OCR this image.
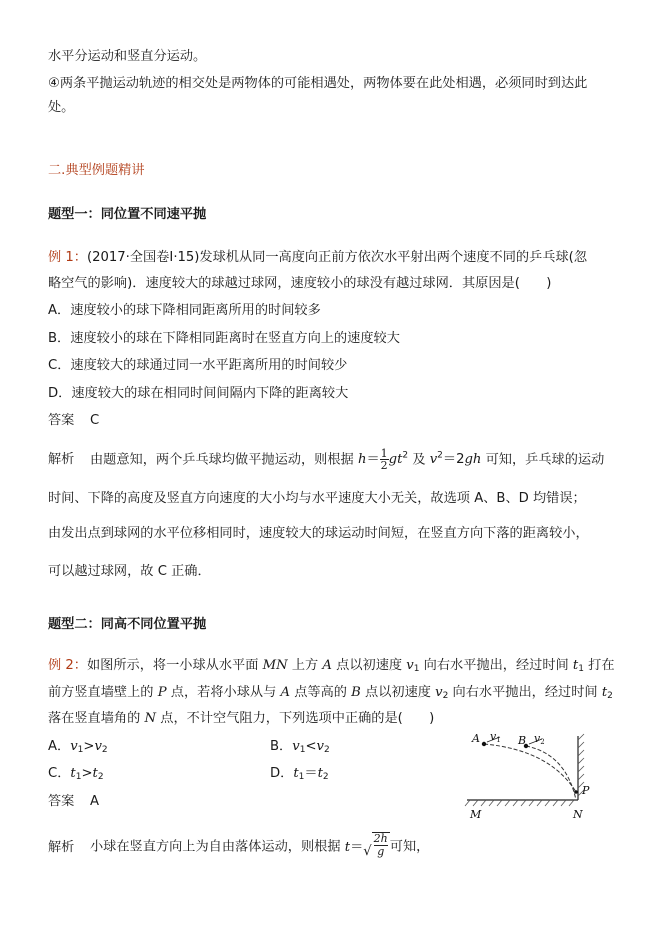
水平分运动和竖直分运动。
④两条平抛运动轨迹的相交处是两物体的可能相遇处，两物体要在此处相遇，必须同时到达此
处。
二.典型例题精讲
题型一：同位置不同速平抛
例 1：(2017·全国卷Ⅰ·15)发球机从同一高度向正前方依次水平射出两个速度不同的乒乓球(忽
略空气的影响)．速度较大的球越过球网，速度较小的球没有越过球网．其原因是(　　)
A．速度较小的球下降相同距离所用的时间较多
B．速度较小的球在下降相同距离时在竖直方向上的速度较大
C．速度较大的球通过同一水平距离所用的时间较少
D．速度较大的球在相同时间间隔内下降的距离较大
答案 C
解析 由题意知，两个乒乓球均做平抛运动，则根据 $h= \frac{1}{2} gt^2$ 及 $v^2=2gh$ 可知，乒乓球的运动
时间、下降的高度及竖直方向速度的大小均与水平速度大小无关，故选项 A、B、D 均错误；
由发出点到球网的水平位移相同时，速度较大的球运动时间短，在竖直方向下落的距离较小，
可以越过球网，故 C 正确．
题型二：同高不同位置平抛
例 2：如图所示，将一小球从水平面 MN 上方 A 点以初速度 $v_1$ 向右水平抛出，经过时间 $t_1$ 打在
前方竖直墙壁上的 P 点，若将小球从与 A 点等高的 B 点以初速度 $v_2$ 向右水平抛出，经过时间 $t_2$
落在竖直墙角的 N 点，不计空气阻力，下列选项中正确的是(　　)
A．$v_1>v_2$	B．$v_1<v_2$
C．$t_1>t_2$	D．$t_1=t_2$
答案 A
解析 小球在竖直方向上为自由落体运动，则根据 $t=√ \frac{2h}{g}$ 可知，
A v1 B v2
P
M	N
